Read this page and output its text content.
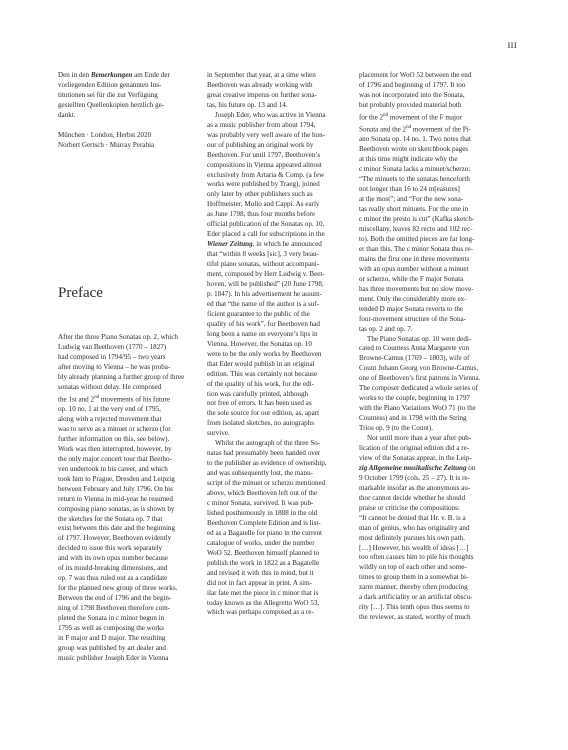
III
Den in den Bemerkungen am Ende der
vorliegenden Edition genannten Ins-
titutionen sei für die zur Verfügung
gestellten Quellenkopien herzlich ge-
dankt.
München · London, Herbst 2020
Norbert Gertsch · Murray Perahia
Preface
After the three Piano Sonatas op. 2, which
Ludwig van Beethoven (1770 – 1827)
had composed in 1794/95 – two years
after moving to Vienna – he was proba-
bly already planning a further group of three
sonatas without delay. He composed
the 1st and 2nd movements of his future
op. 10 no. 1 at the very end of 1795,
along with a rejected movement that
was to serve as a minuet or scherzo (for
further information on this, see below).
Work was then interrupted, however, by
the only major concert tour that Beetho-
ven undertook in his career, and which
took him to Prague, Dresden and Leipzig
between February and July 1796. On his
return to Vienna in mid-year he resumed
composing piano sonatas, as is shown by
the sketches for the Sonata op. 7 that
exist between this date and the beginning
of 1797. However, Beethoven evidently
decided to issue this work separately
and with its own opus number because
of its mould-breaking dimensions, and
op. 7 was thus ruled out as a candidate
for the planned new group of three works.
Between the end of 1796 and the begin-
ning of 1798 Beethoven therefore com-
pleted the Sonata in c minor begun in
1795 as well as composing the works
in F major and D major. The resulting
group was published by art dealer and
music publisher Joseph Eder in Vienna
in September that year, at a time when
Beethoven was already working with
great creative impetus on further sona-
tas, his future op. 13 and 14.
Joseph Eder, who was active in Vienna
as a music publisher from about 1794,
was probably very well aware of the hon-
our of publishing an original work by
Beethoven. For until 1797, Beethoven’s
compositions in Vienna appeared almost
exclusively from Artaria & Comp. (a few
works were published by Traeg), joined
only later by other publishers such as
Hoffmeister, Mollo and Cappi. As early
as June 1798, thus four months before
official publication of the Sonatas op. 10,
Eder placed a call for subscriptions in the
Wiener Zeitung, in which he announced
that “within 8 weeks [sic], 3 very beau-
tiful piano sonatas, without accompani-
ment, composed by Herr Ludwig v. Beet-
hoven, will be published” (20 June 1798,
p. 1847). In his advertisement he assum-
ed that “the name of the author is a suf-
ficient guarantee to the public of the
quality of his work”, for Beethoven had
long been a name on everyone’s lips in
Vienna. However, the Sonatas op. 10
were to be the only works by Beethoven
that Eder would publish in an original
edition. This was certainly not because
of the quality of his work, for the edi-
tion was carefully printed, although
not free of errors. It has been used as
the sole source for our edition, as, apart
from isolated sketches, no autographs
survive.
Whilst the autograph of the three So-
natas had presumably been handed over
to the publisher as evidence of ownership,
and was subsequently lost, the manu-
script of the minuet or scherzo mentioned
above, which Beethoven left out of the
c minor Sonata, survived. It was pub-
lished posthumously in 1888 in the old
Beethoven Complete Edition and is list-
ed as a Bagatelle for piano in the current
catalogue of works, under the number
WoO 52. Beethoven himself planned to
publish the work in 1822 as a Bagatelle
and revised it with this in mind, but it
did not in fact appear in print. A sim-
ilar fate met the piece in c minor that is
today known as the Allegretto WoO 53,
which was perhaps composed as a re-
placement for WoO 52 between the end
of 1796 and beginning of 1797. It too
was not incorporated into the Sonata,
but probably provided material both
for the 2nd movement of the F major
Sonata and the 2nd movement of the Pi-
ano Sonata op. 14 no. 1. Two notes that
Beethoven wrote on sketchbook pages
at this time might indicate why the
c minor Sonata lacks a minuet/scherzo:
“The minuets to the sonatas henceforth
not longer than 16 to 24 m[easures]
at the most”; and “For the new sona-
tas really short minuets. For the one in
c minor the presto is cut” (Kafka sketch-
miscellany, leaves 82 recto and 102 rec-
to). Both the omitted pieces are far long-
er than this. The c minor Sonata thus re-
mains the first one in three movements
with an opus number without a minuet
or scherzo, while the F major Sonata
has three movements but no slow move-
ment. Only the considerably more ex-
tended D major Sonata reverts to the
four-movement structure of the Sona-
tas op. 2 and op. 7.
The Piano Sonatas op. 10 were dedi-
cated to Countess Anna Margarete von
Browne-Camus (1769 – 1803), wife of
Count Johann Georg von Browne-Camus,
one of Beethoven’s first patrons in Vienna.
The composer dedicated a whole series of
works to the couple, beginning in 1797
with the Piano Variations WoO 71 (to the
Countess) and in 1798 with the String
Trios op. 9 (to the Count).
Not until more than a year after pub-
lication of the original edition did a re-
view of the Sonatas appear, in the Leip-
zig Allgemeine musikalische Zeitung on
9 October 1799 (cols. 25 – 27). It is re-
markable insofar as the anonymous au-
thor cannot decide whether he should
praise or criticise the compositions:
“It cannot be denied that Hr. v. B. is a
man of genius, who has originality and
most definitely pursues his own path.
[…] However, his wealth of ideas […]
too often causes him to pile his thoughts
wildly on top of each other and some-
times to group them in a somewhat bi-
zarre manner, thereby often producing
a dark artificiality or an artificial obscu-
rity […]. This tenth opus thus seems to
the reviewer, as stated, worthy of much
